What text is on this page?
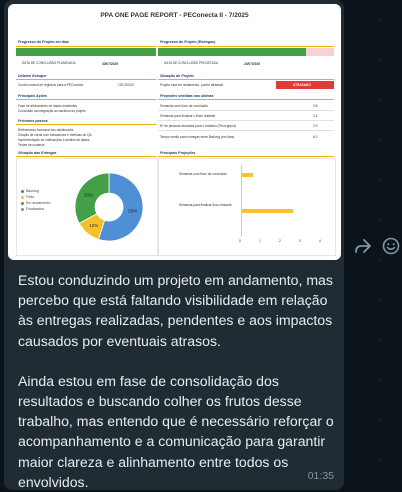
PPA ONE PAGE REPORT - PEConecta II - 7/2025
Progresso do Projeto em dias	Progresso do Projeto (Entregas)
DATA DE CONCLUSÃO PLANEJADA	30/07/2025	DATA DE CONCLUSÃO PROJETADA	24/07/2025
Dólares Estoque
Conta nominal de registros para a PEConecta	120.000,00
Situação do Projeto
Projeto está em andamento, porém atrasado	ATRASADO
Principais Ações
Fase de alinhamento de dados existentes
Conclusão da integração ao backend do projeto
Próximos passos
Refinamento funcional dos dashboards
Criação de cards com indicadores e métricas de QA
Implementação de notificações e análise de dados
Testes de usuários
Projeções sentidas nas últimas
Semanas sem fluxo de conclusão	0.5
Semanas para finalizar o fluxo restante	2.4
Nº de pessoas alocadas para o trabalho (Throughput)	2.0
Tempo médio para entregas entre Backlog (em dias)	6.0
Situação das Entregas
Backlog
Feito
Em andamento
Finalizados	55%
12%
33%
Principais Projeções
Semanas com fluxo de conclusão
Semanas para finalizar fluxo restante
0	1	2	3	4

Estou conduzindo um projeto em andamento, mas percebo que está faltando visibilidade em relação às entregas realizadas, pendentes e aos impactos causados por eventuais atrasos.

Ainda estou em fase de consolidação dos resultados e buscando colher os frutos desse trabalho, mas entendo que é necessário reforçar o acompanhamento e a comunicação para garantir maior clareza e alinhamento entre todos os envolvidos.	01:35
